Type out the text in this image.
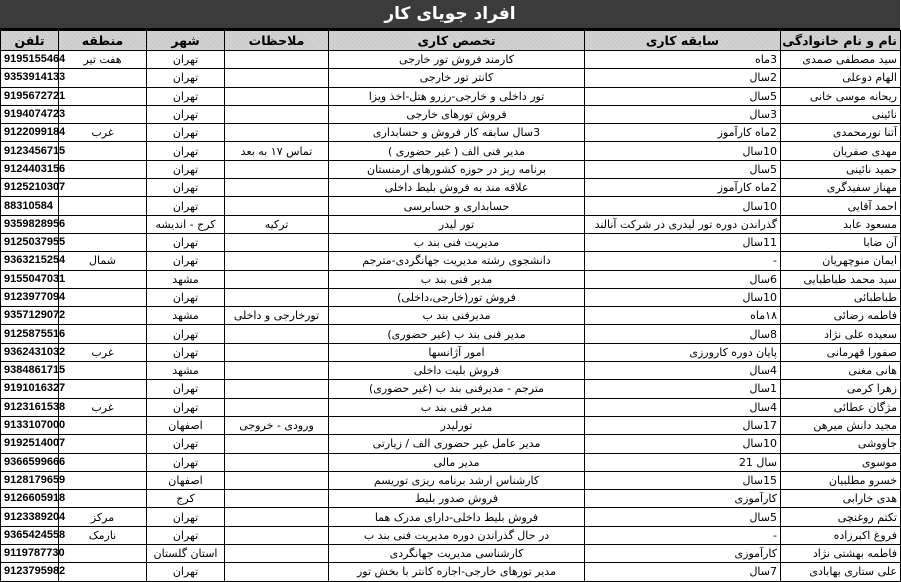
افراد جویای کار
نام و نام خانوادگی	سابقه کاری	تخصص کاری	ملاحظات	شهر	منطقه	تلفن
سید مصطفی صمدی	3ماه	کارمند فروش تور خارجی		تهران	هفت تیر	9195155464
الهام دوعلی	2سال	کانتر تور خارجی		تهران		9353914133
ریحانه موسی خانی	5سال	تور داخلی و خارجی-رزرو هتل-اخذ ویزا		تهران		9195672721
نائینی	3سال	فروش تورهای خارجی		تهران		9194074723
آتنا نورمحمدی	2ماه کارآموز	3سال سابقه کار فروش و حسابداری		تهران	غرب	9122099184
مهدی صفریان	10سال	مدیر فنی الف ( غیر حضوری )	تماس ۱۷ به بعد	تهران		9123456715
حمید نائینی	5سال	برنامه ریز در حوزه کشورهای ارمنستان		تهران		9124403156
مهناز سفیدگری	2ماه کارآموز	علاقه مند به فروش بلیط داخلی		تهران		9125210307
احمد آقایی	10سال	حسابداری و حسابرسی		تهران		88310584
مسعود عابد	گذراندن دوره تور لیدری در شرکت آنالند	تور لیدر	ترکیه	کرج - اندیشه		9359828956
آن ضابا	11سال	مدیریت فنی بند ب		تهران		9125037955
ایمان منوچهریان	-	دانشجوی رشته مدیریت جهانگردی-مترجم		تهران	شمال	9363215254
سید محمد طباطبایی	6سال	مدیر فنی بند ب		مشهد		9155047031
طباطبائی	10سال	فروش تور(خارجی،داخلی)		تهران		9123977094
فاطمه رضائی	۱۸ماه	مدیرفنی بند ب	تورخارجی و داخلی	مشهد		9357129072
سعیده علی نژاد	8سال	مدیر فنی بند ب (غیر حضوری)		تهران		9125875516
صفورا قهرمانی	پایان دوره کارورزی	امور آژانسها		تهران	غرب	9362431032
هانی مغنی	4سال	فروش بلیت داخلی		مشهد		9384861715
زهرا کرمی	1سال	مترجم - مدیرفنی بند ب (غیر حضوری)		تهران		9191016327
مژگان عطائی	4سال	مدیر فنی بند ب		تهران	غرب	9123161538
مجید دانش میرهن	17سال	تورلیدر	ورودی - خروجی	اصفهان		9133107000
جاووشی	10سال	مدیر عامل غیر حضوری الف / زیارتی		تهران		9192514007
موسوی	سال 21	مدیر مالی		تهران		9366599666
خسرو مطلبیان	15سال	کارشناس ارشد برنامه ریزی توریسم		اصفهان		9128179659
هدی خارابی	کارآموزی	فروش صدور بلیط		کرج		9126605918
تکتم روغنچی	5سال	فروش بلیط داخلی-دارای مدرک هما		تهران	مرکز	9123389204
فروغ اکبرزاده	-	در حال گذراندن دوره مدیریت فنی بند ب		تهران	نارمک	9365424558
فاطمه بهشتی نژاد	کارآموزی	کارشناسی مدیریت جهانگردی		استان گلستان		9119787730
علی ستاری بهابادی	7سال	مدیر تورهای خارجی-اجاره کانتر با بخش تور		تهران		9123795982
